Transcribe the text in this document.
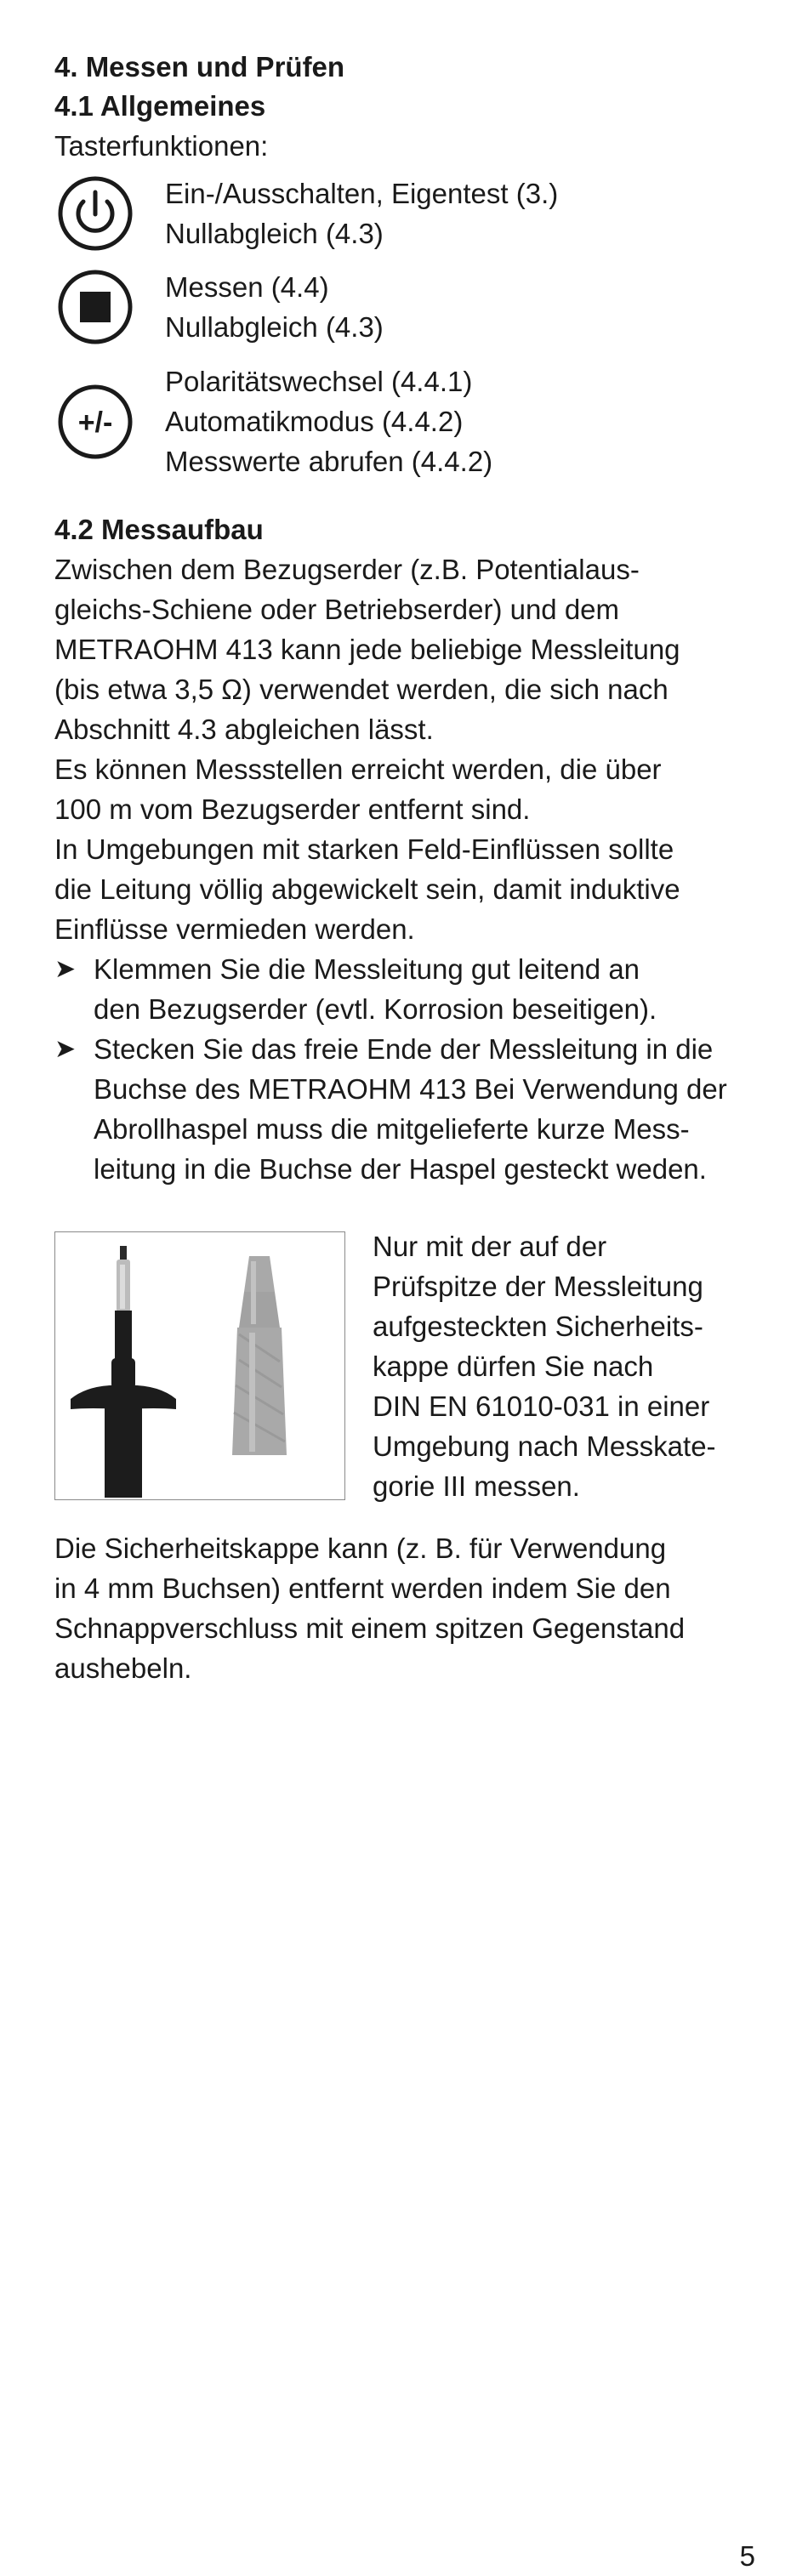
4. Messen und Prüfen
4.1 Allgemeines

Tasterfunktionen:

Ein-/Ausschalten, Eigentest (3.)
Nullabgleich (4.3)
Messen (4.4)
Nullabgleich (4.3)
+/-
Polaritätswechsel (4.4.1)
Automatikmodus (4.4.2)
Messwerte abrufen (4.4.2)
4.2 Messaufbau
Zwischen dem Bezugserder (z.B. Potentialaus-
gleichs-Schiene oder Betriebserder) und dem
METRAOHM 413 kann jede beliebige Messleitung
(bis etwa 3,5 Ω) verwendet werden, die sich nach
Abschnitt 4.3 abgleichen lässt.
Es können Messstellen erreicht werden, die über
100 m vom Bezugserder entfernt sind.
In Umgebungen mit starken Feld-Einflüssen sollte
die Leitung völlig abgewickelt sein, damit induktive
Einflüsse vermieden werden.
➤ Klemmen Sie die Messleitung gut leitend an
den Bezugserder (evtl. Korrosion beseitigen).
➤ Stecken Sie das freie Ende der Messleitung in die
Buchse des METRAOHM 413 Bei Verwendung der
Abrollhaspel muss die mitgelieferte kurze Mess-
leitung in die Buchse der Haspel gesteckt weden.
Nur mit der auf der
Prüfspitze der Messleitung
aufgesteckten Sicherheits-
kappe dürfen Sie nach
DIN EN 61010-031 in einer
Umgebung nach Messkate-
gorie III messen.
Die Sicherheitskappe kann (z. B. für Verwendung
in 4 mm Buchsen) entfernt werden indem Sie den
Schnappverschluss mit einem spitzen Gegenstand
aushebeln.
5
